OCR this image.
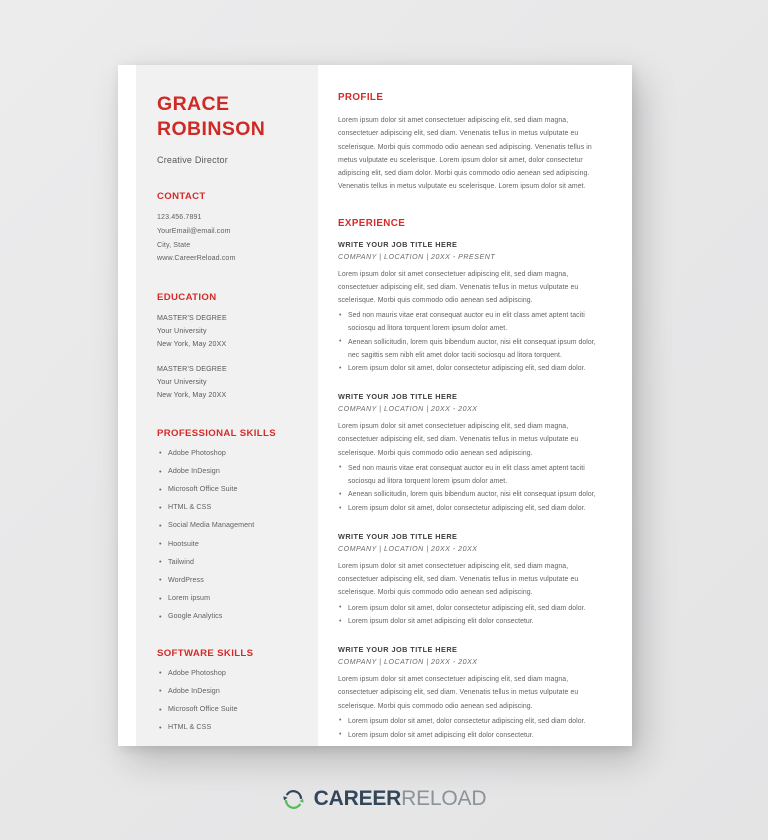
GRACE
ROBINSON
Creative Director
CONTACT
123.456.7891
YourEmail@email.com
City, State
www.CareerReload.com
EDUCATION
MASTER'S DEGREE
Your University
New York, May 20XX
MASTER'S DEGREE
Your University
New York, May 20XX
PROFESSIONAL SKILLS
• Adobe Photoshop
• Adobe InDesign
• Microsoft Office Suite
• HTML & CSS
• Social Media Management
• Hootsuite
• Tailwind
• WordPress
• Lorem ipsum
• Google Analytics
SOFTWARE SKILLS
• Adobe Photoshop
• Adobe InDesign
• Microsoft Office Suite
• HTML & CSS
PROFILE

Lorem ipsum dolor sit amet consectetuer adipiscing elit, sed diam magna, consectetuer adipiscing elit, sed diam. Venenatis tellus in metus vulputate eu scelerisque. Morbi quis commodo odio aenean sed adipiscing. Venenatis tellus in metus vulputate eu scelerisque. Lorem ipsum dolor sit amet, dolor consectetur adipiscing elit, sed diam dolor. Morbi quis commodo odio aenean sed adipiscing. Venenatis tellus in metus vulputate eu scelerisque. Lorem ipsum dolor sit amet.

EXPERIENCE
WRITE YOUR JOB TITLE HERE
COMPANY | LOCATION | 20XX - PRESENT

Lorem ipsum dolor sit amet consectetuer adipiscing elit, sed diam magna, consectetuer adipiscing elit, sed diam. Venenatis tellus in metus vulputate eu scelerisque. Morbi quis commodo odio aenean sed adipiscing.

• Sed non mauris vitae erat consequat auctor eu in elit class amet aptent taciti sociosqu ad litora torquent lorem ipsum dolor amet.
• Aenean sollicitudin, lorem quis bibendum auctor, nisi elit consequat ipsum dolor, nec sagittis sem nibh elit amet dolor taciti sociosqu ad litora torquent.
• Lorem ipsum dolor sit amet, dolor consectetur adipiscing elit, sed diam dolor.
WRITE YOUR JOB TITLE HERE
COMPANY | LOCATION | 20XX - 20XX

Lorem ipsum dolor sit amet consectetuer adipiscing elit, sed diam magna, consectetuer adipiscing elit, sed diam. Venenatis tellus in metus vulputate eu scelerisque. Morbi quis commodo odio aenean sed adipiscing.

• Sed non mauris vitae erat consequat auctor eu in elit class amet aptent taciti sociosqu ad litora torquent lorem ipsum dolor amet.
• Aenean sollicitudin, lorem quis bibendum auctor, nisi elit consequat ipsum dolor,
• Lorem ipsum dolor sit amet, dolor consectetur adipiscing elit, sed diam dolor.
WRITE YOUR JOB TITLE HERE
COMPANY | LOCATION | 20XX - 20XX

Lorem ipsum dolor sit amet consectetuer adipiscing elit, sed diam magna, consectetuer adipiscing elit, sed diam. Venenatis tellus in metus vulputate eu scelerisque. Morbi quis commodo odio aenean sed adipiscing.

• Lorem ipsum dolor sit amet, dolor consectetur adipiscing elit, sed diam dolor.
• Lorem ipsum dolor sit amet adipiscing elit dolor consectetur.
WRITE YOUR JOB TITLE HERE
COMPANY | LOCATION | 20XX - 20XX

Lorem ipsum dolor sit amet consectetuer adipiscing elit, sed diam magna, consectetuer adipiscing elit, sed diam. Venenatis tellus in metus vulputate eu scelerisque. Morbi quis commodo odio aenean sed adipiscing.

• Lorem ipsum dolor sit amet, dolor consectetur adipiscing elit, sed diam dolor.
• Lorem ipsum dolor sit amet adipiscing elit dolor consectetur.
CAREERRELOAD
